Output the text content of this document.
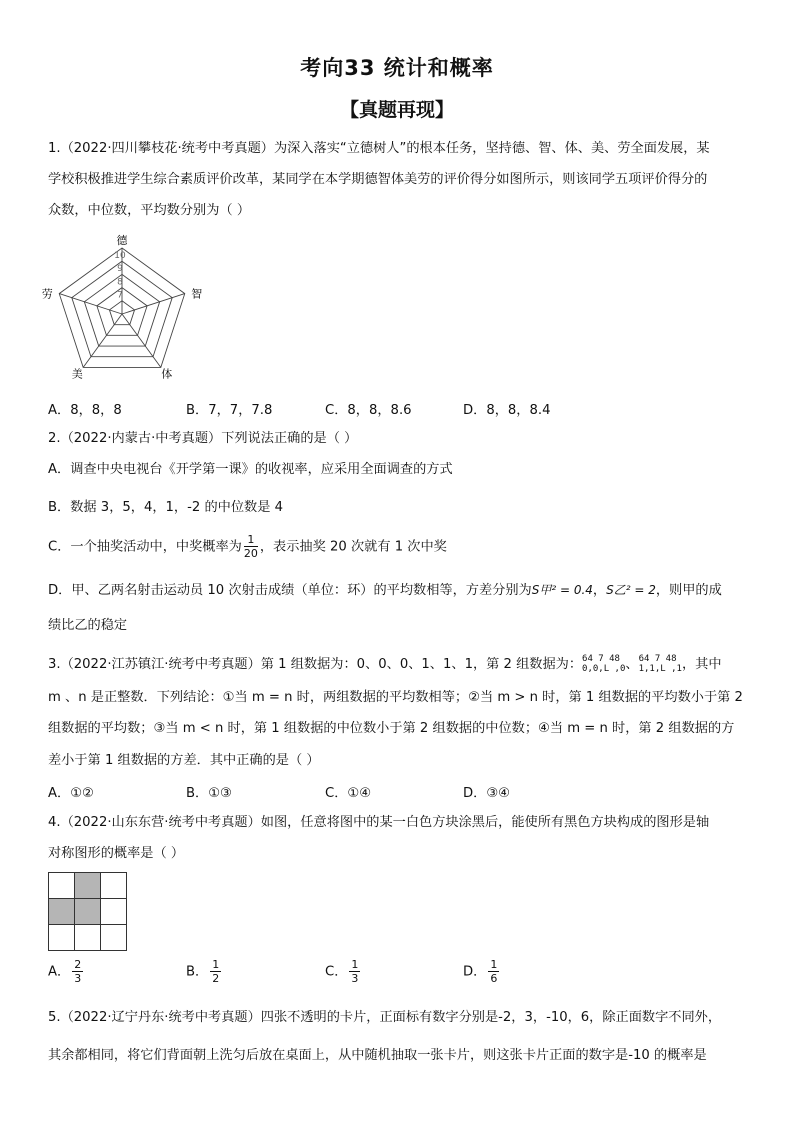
考向33 统计和概率
【真题再现】
1.（2022·四川攀枝花·统考中考真题）为深入落实“立德树人”的根本任务，坚持德、智、体、美、劳全面发展，某
学校积极推进学生综合素质评价改革，某同学在本学期德智体美劳的评价得分如图所示，则该同学五项评价得分的
众数，中位数，平均数分别为（ ）
德
智
体
美
劳
10
9
8
7
A．8，8，8	B．7，7，7.8	C．8，8，8.6	D．8，8，8.4
2.（2022·内蒙古·中考真题）下列说法正确的是（ ）
A．调查中央电视台《开学第一课》的收视率，应采用全面调查的方式
B．数据 3，5，4，1，-2 的中位数是 4
C．一个抽奖活动中，中奖概率为 $\frac{1}{20}$ ，表示抽奖 20 次就有 1 次中奖
D．甲、乙两名射击运动员 10 次射击成绩（单位：环）的平均数相等，方差分别为S甲² = 0.4，S乙² = 2，则甲的成
绩比乙的稳定
3.（2022·江苏镇江·统考中考真题）第 1 组数据为：0、0、0、1、1、1，第 2 组数据为： 64 7 48
0,0,L ,0 、 64 7 48
1,1,L ,1 ，其中
m 、n 是正整数．下列结论：①当 m = n 时，两组数据的平均数相等；②当 m > n 时，第 1 组数据的平均数小于第 2
组数据的平均数；③当 m < n 时，第 1 组数据的中位数小于第 2 组数据的中位数；④当 m = n 时，第 2 组数据的方
差小于第 1 组数据的方差．其中正确的是（ ）
A．①②	B．①③	C．①④	D．③④
4.（2022·山东东营·统考中考真题）如图，任意将图中的某一白色方块涂黑后，能使所有黑色方块构成的图形是轴
对称图形的概率是（ ）
A． $\frac{2}{3}$	B． $\frac{1}{2}$	C． $\frac{1}{3}$	D． $\frac{1}{6}$
5.（2022·辽宁丹东·统考中考真题）四张不透明的卡片，正面标有数字分别是-2，3，-10，6，除正面数字不同外，
其余都相同，将它们背面朝上洗匀后放在桌面上，从中随机抽取一张卡片，则这张卡片正面的数字是-10 的概率是
